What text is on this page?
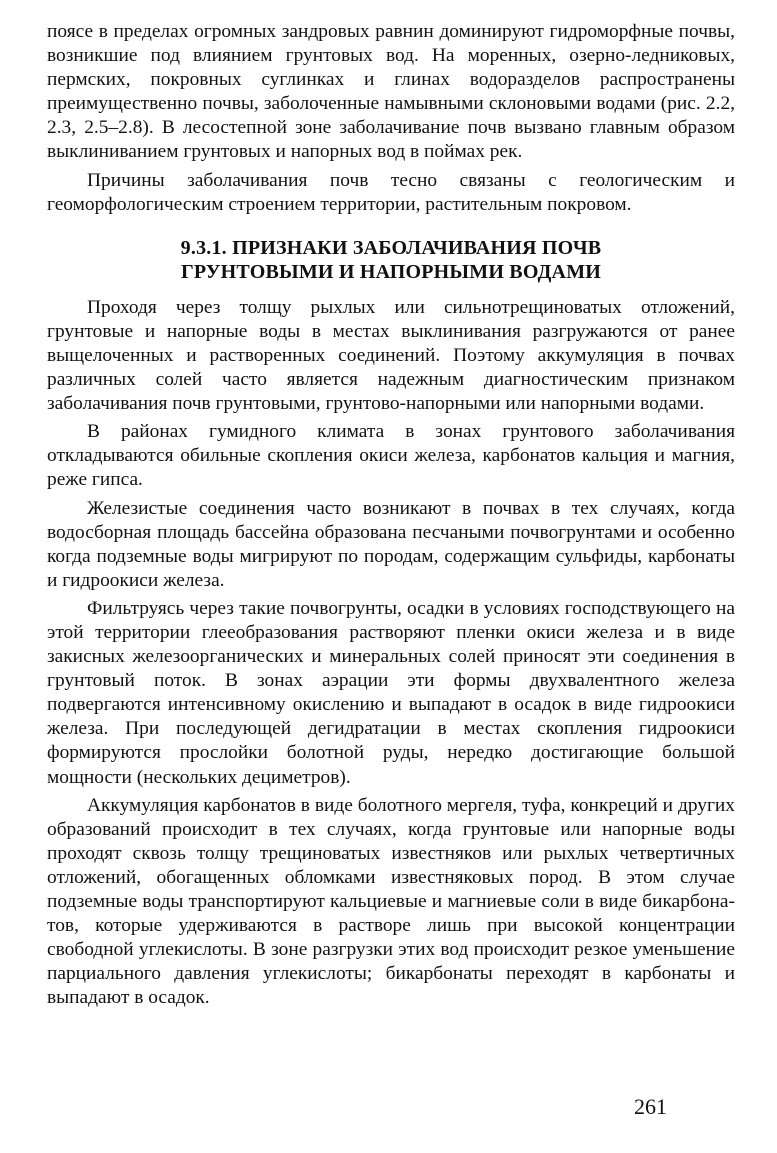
поясе в пределах огромных зандровых равнин доминируют гидроморфные почвы, возникшие под влиянием грунтовых вод. На моренных, озерно-ледниковых, пермских, покровных суглинках и глинах водоразделов распространены преимущественно почвы, заболоченные намывными склоновыми водами (рис. 2.2, 2.3, 2.5–2.8). В лесостепной зоне заболачивание почв вызвано главным образом выклиниванием грунтовых и напорных вод в поймах рек.

Причины заболачивания почв тесно связаны с геологическим и геоморфологическим строением территории, растительным покровом.

9.3.1. ПРИЗНАКИ ЗАБОЛАЧИВАНИЯ ПОЧВ
ГРУНТОВЫМИ И НАПОРНЫМИ ВОДАМИ

Проходя через толщу рыхлых или сильнотрещиноватых отложений, грунтовые и напорные воды в местах выклинивания разгружаются от ранее выщелоченных и растворенных соединений. Поэтому аккумуляция в почвах различных солей часто является надежным диагностическим признаком заболачивания почв грунтовыми, грунтово-напорными или напорными водами.

В районах гумидного климата в зонах грунтового заболачивания откладываются обильные скопления окиси железа, карбонатов кальция и магния, реже гипса.

Железистые соединения часто возникают в почвах в тех случаях, когда водосборная площадь бассейна образована песчаными почвогрунтами и особенно когда подземные воды мигрируют по породам, содержащим сульфиды, карбонаты и гидроокиси железа.

Фильтруясь через такие почвогрунты, осадки в условиях господствующего на этой территории глееобразования растворяют пленки окиси железа и в виде закисных железоорганических и минеральных солей приносят эти соединения в грунтовый поток. В зонах аэрации эти формы двухвалентного железа подвергаются интенсивному окислению и выпадают в осадок в виде гидроокиси железа. При последующей дегидратации в местах скопления гидроокиси формируются прослойки болотной руды, нередко достигающие большой мощности (нескольких дециметров).

Аккумуляция карбонатов в виде болотного мергеля, туфа, конкреций и других образований происходит в тех случаях, когда грунтовые или напорные воды проходят сквозь толщу трещиноватых известняков или рыхлых четвертичных отложений, обогащенных обломками известняковых пород. В этом случае подземные воды транспортируют кальциевые и магниевые соли в виде бикарбонатов, которые удерживаются в растворе лишь при высокой концентрации свободной углекислоты. В зоне разгрузки этих вод происходит резкое уменьшение парциального давления углекислоты; бикарбонаты переходят в карбонаты и выпадают в осадок.

261
